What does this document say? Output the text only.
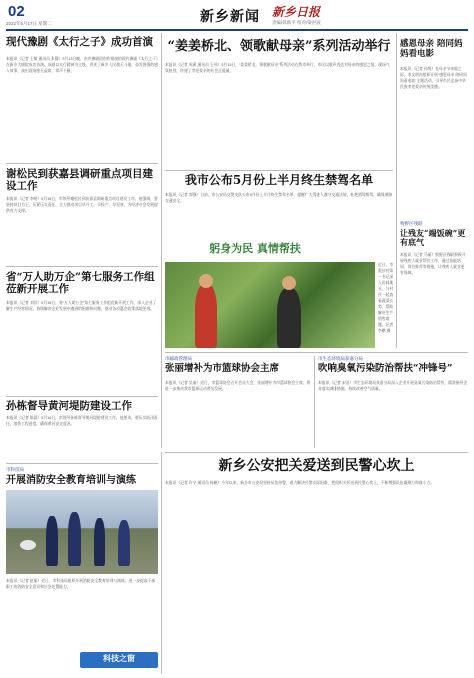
02
2022年5月17日 星期二	新乡新闻 新乡日报
责编/韩新平 校对/梁洪波
现代豫剧《太行之子》成功首演
本报讯（记者 王敏 通讯员 张静）5月13日晚，由市豫剧团创作排演的现代豫剧《太行之子》在新乡大剧院成功首演。该剧以太行精神为主线，讲述了新乡人民战天斗地、奋发图强的感人故事，演出现场座无虚席，掌声不断。
谢松民到获嘉县调研重点项目建设工作
本报讯（记者 李明）5月16日，市领导谢松民到获嘉县调研重点项目建设工作。他强调，要坚持项目为王，压紧压实责任，全力推动项目早开工、早投产、早见效，为经济社会发展提供有力支撑。
省“万人助万企”第七服务工作组莅新开展工作
本报讯（记者 刘洋）5月16日，省“万人助万企”第七服务工作组莅新开展工作，深入企业了解生产经营情况，协调解决企业发展中遇到的困难和问题，推动各项惠企政策落地见效。
孙栋督导黄河堤防建设工作
本报讯（记者 陈晨）5月16日，市领导孙栋督导黄河堤防建设工作。他要求，要压实防汛责任，加快工程进度，确保黄河安全度汛。
市科技局
开展消防安全教育培训与演练
本报讯（记者 赵丽）近日，市科技局组织开展消防安全教育培训与演练，进一步提高干部职工的消防安全意识和应急处置能力。
科技之窗
“姜姜桥北、领歌献母亲”系列活动举行
本报讯（记者 周燕 通讯员 王伟）5月15日，“姜姜桥北、领歌献母亲”系列活动在我市举行，市民以歌声表达对母亲的感恩之情，现场气氛热烈，传递了孝老爱亲的社会正能量。
感恩母亲 陪同妈妈看电影
本报讯（记者 孙悦）在母亲节来临之际，市文明办组织开展“感恩母亲 陪同妈妈看电影”主题活动，引导市民弘扬中华民族孝老爱亲传统美德。
我市公布5月份上半月终生禁驾名单
本报讯（记者 郭强）日前，市公安局交警支队公布5月份上半月终生禁驾名单，提醒广大驾驶人遵守交通法规，杜绝酒驾醉驾，确保道路交通安全。
躬身为民 真情帮扶
近日，市派驻村第一书记深入田间地头，与村民一起查看蔬菜长势，帮助解决生产销售难题。记者 李鹏 摄
牧野区残联
让残友“端饭碗”更有底气
本报讯（记者 马丽）牧野区残联积极开展残疾人就业帮扶工作，通过技能培训、岗位推荐等措施，让残疾人就业更有保障。
市邮政管理局
张丽增补为市篮球协会主席
本报讯（记者 吴迪）近日，市篮球协会召开会员大会，张丽增补为市篮球协会主席，将进一步推动我市篮球运动普及发展。
市生态环境局获嘉分局
吹响臭氧污染防治帮扶“冲锋号”
本报讯（记者 宋洁）市生态环境局获嘉分局深入企业开展臭氧污染防治帮扶，精准指导企业落实减排措施，持续改善空气质量。
新乡公安把关爱送到民警心坎上
本报讯（记者 许宁 通讯员 杨帆）今年以来，新乡市公安局坚持从优待警，着力解决民警实际困难，把组织关怀送到民警心坎上，不断增强队伍凝聚力和战斗力。
